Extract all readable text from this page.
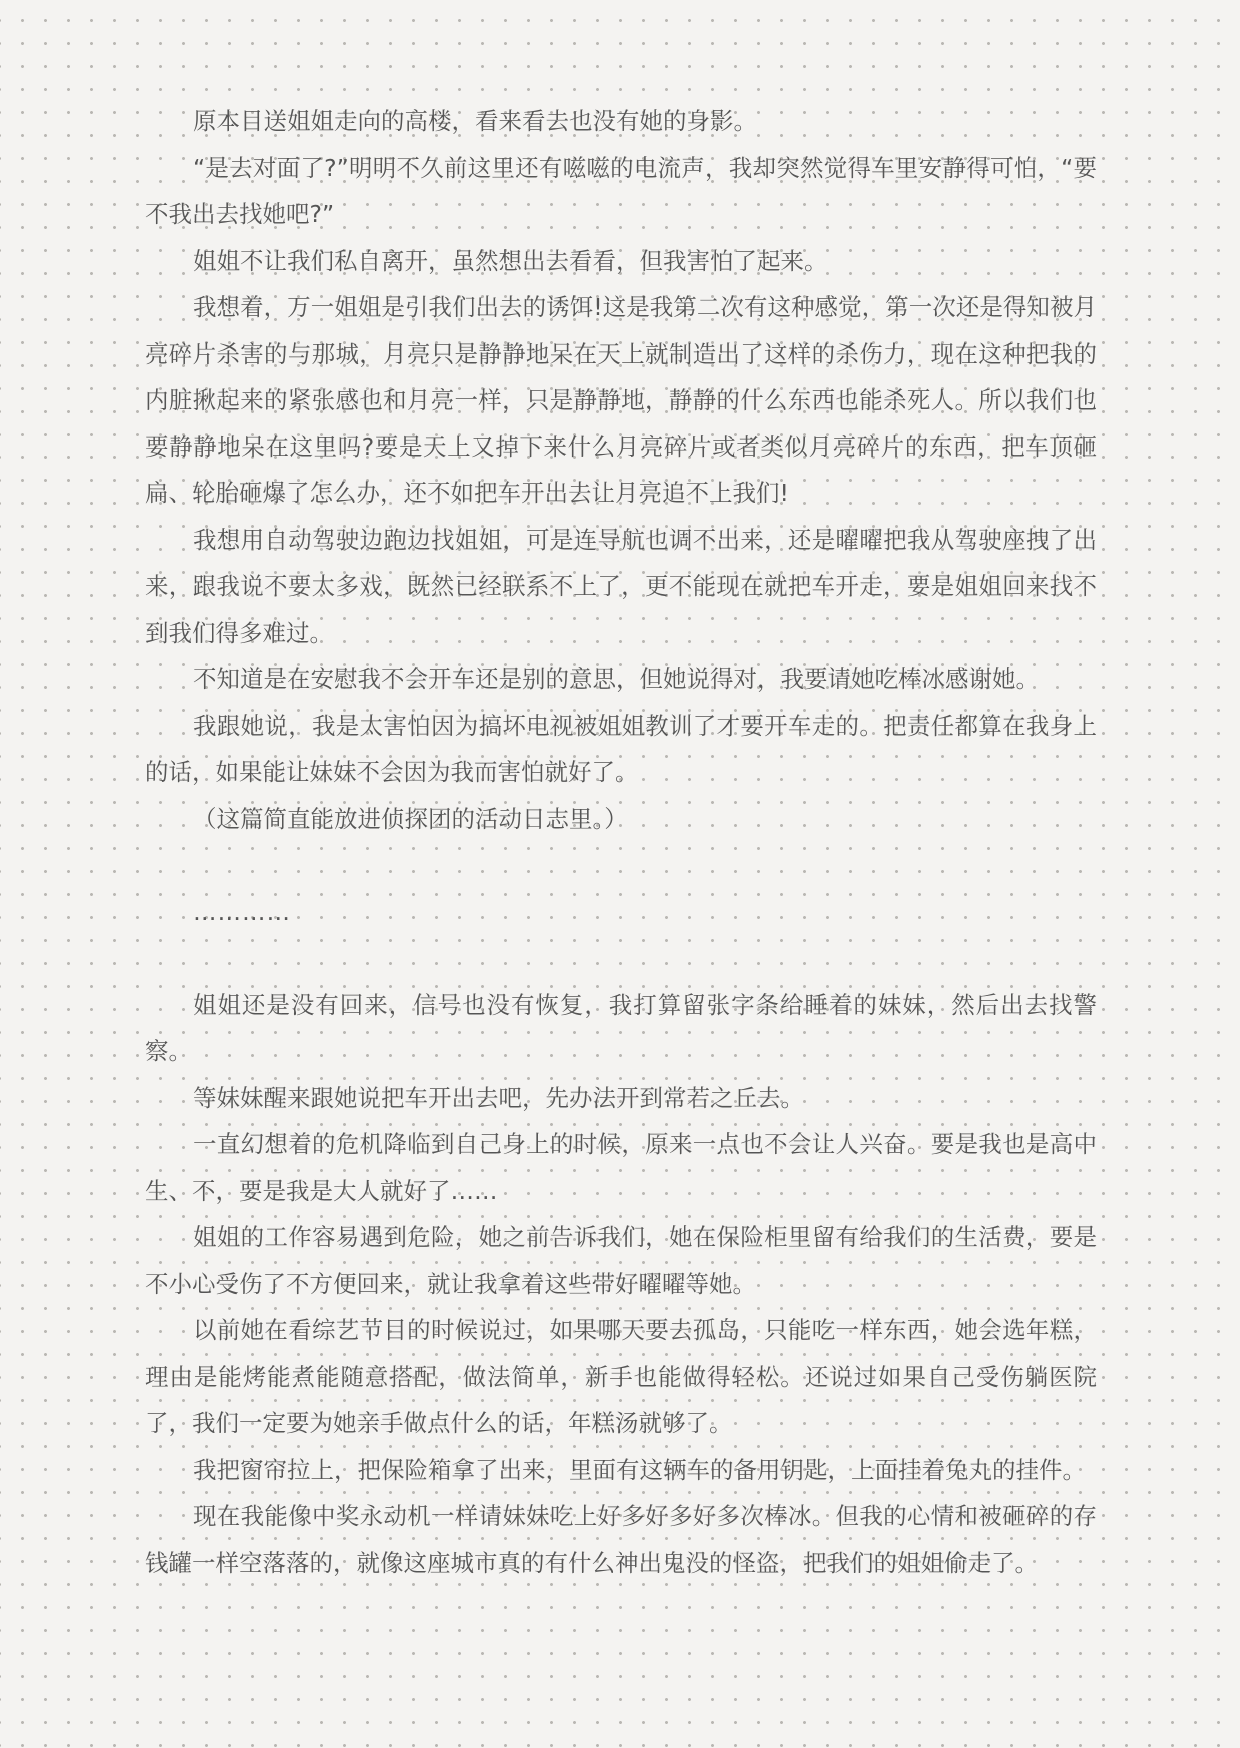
原本目送姐姐走向的高楼，看来看去也没有她的身影。

“是去对面了?”明明不久前这里还有嗞嗞的电流声，我却突然觉得车里安静得可怕，“要不我出去找她吧?”

姐姐不让我们私自离开，虽然想出去看看，但我害怕了起来。

我想着，万一姐姐是引我们出去的诱饵!这是我第二次有这种感觉，第一次还是得知被月亮碎片杀害的与那城，月亮只是静静地呆在天上就制造出了这样的杀伤力，现在这种把我的内脏揪起来的紧张感也和月亮一样，只是静静地，静静的什么东西也能杀死人。所以我们也要静静地呆在这里吗?要是天上又掉下来什么月亮碎片或者类似月亮碎片的东西，把车顶砸扁、轮胎砸爆了怎么办，还不如把车开出去让月亮追不上我们!

我想用自动驾驶边跑边找姐姐，可是连导航也调不出来，还是曜曜把我从驾驶座拽了出来，跟我说不要太多戏，既然已经联系不上了，更不能现在就把车开走，要是姐姐回来找不到我们得多难过。

不知道是在安慰我不会开车还是别的意思，但她说得对，我要请她吃棒冰感谢她。

我跟她说，我是太害怕因为搞坏电视被姐姐教训了才要开车走的。把责任都算在我身上的话，如果能让妹妹不会因为我而害怕就好了。

（这篇简直能放进侦探团的活动日志里。）

…………

姐姐还是没有回来，信号也没有恢复，我打算留张字条给睡着的妹妹，然后出去找警察。

等妹妹醒来跟她说把车开出去吧，先办法开到常若之丘去。

一直幻想着的危机降临到自己身上的时候，原来一点也不会让人兴奋。要是我也是高中生、不，要是我是大人就好了……

姐姐的工作容易遇到危险，她之前告诉我们，她在保险柜里留有给我们的生活费，要是不小心受伤了不方便回来，就让我拿着这些带好曜曜等她。

以前她在看综艺节目的时候说过，如果哪天要去孤岛，只能吃一样东西，她会选年糕，理由是能烤能煮能随意搭配，做法简单，新手也能做得轻松。还说过如果自己受伤躺医院了，我们一定要为她亲手做点什么的话，年糕汤就够了。

我把窗帘拉上，把保险箱拿了出来，里面有这辆车的备用钥匙，上面挂着兔丸的挂件。

现在我能像中奖永动机一样请妹妹吃上好多好多好多次棒冰。但我的心情和被砸碎的存钱罐一样空落落的，就像这座城市真的有什么神出鬼没的怪盗，把我们的姐姐偷走了。
